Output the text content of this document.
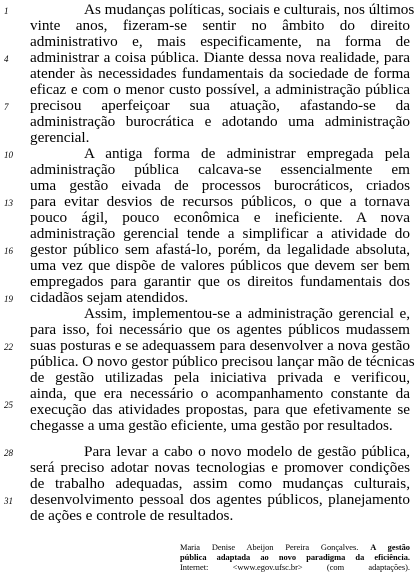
As mudanças políticas, sociais e culturais, nos últimos
vinte anos, fizeram-se sentir no âmbito do direito
administrativo e, mais especificamente, na forma de
administrar a coisa pública. Diante dessa nova realidade, para
atender às necessidades fundamentais da sociedade de forma
eficaz e com o menor custo possível, a administração pública
precisou aperfeiçoar sua atuação, afastando-se da
administração burocrática e adotando uma administração
gerencial.
A antiga forma de administrar empregada pela
administração pública calcava-se essencialmente em
uma gestão eivada de processos burocráticos, criados
para evitar desvios de recursos públicos, o que a tornava
pouco ágil, pouco econômica e ineficiente. A nova
administração gerencial tende a simplificar a atividade do
gestor público sem afastá-lo, porém, da legalidade absoluta,
uma vez que dispõe de valores públicos que devem ser bem
empregados para garantir que os direitos fundamentais dos
cidadãos sejam atendidos.
Assim, implementou-se a administração gerencial e,
para isso, foi necessário que os agentes públicos mudassem
suas posturas e se adequassem para desenvolver a nova gestão
pública. O novo gestor público precisou lançar mão de técnicas
de gestão utilizadas pela iniciativa privada e verificou,
ainda, que era necessário o acompanhamento constante da
execução das atividades propostas, para que efetivamente se
chegasse a uma gestão eficiente, uma gestão por resultados.
Para levar a cabo o novo modelo de gestão pública,
será preciso adotar novas tecnologias e promover condições
de trabalho adequadas, assim como mudanças culturais,
desenvolvimento pessoal dos agentes públicos, planejamento
de ações e controle de resultados.
1
4
7
10
13
16
19
22
25
28
31
Maria Denise Abeijon Pereira Gonçalves. A gestão
pública adaptada ao novo paradigma da eficiência.
Internet:	<www.egov.ufsc.br>	(com adaptações).
